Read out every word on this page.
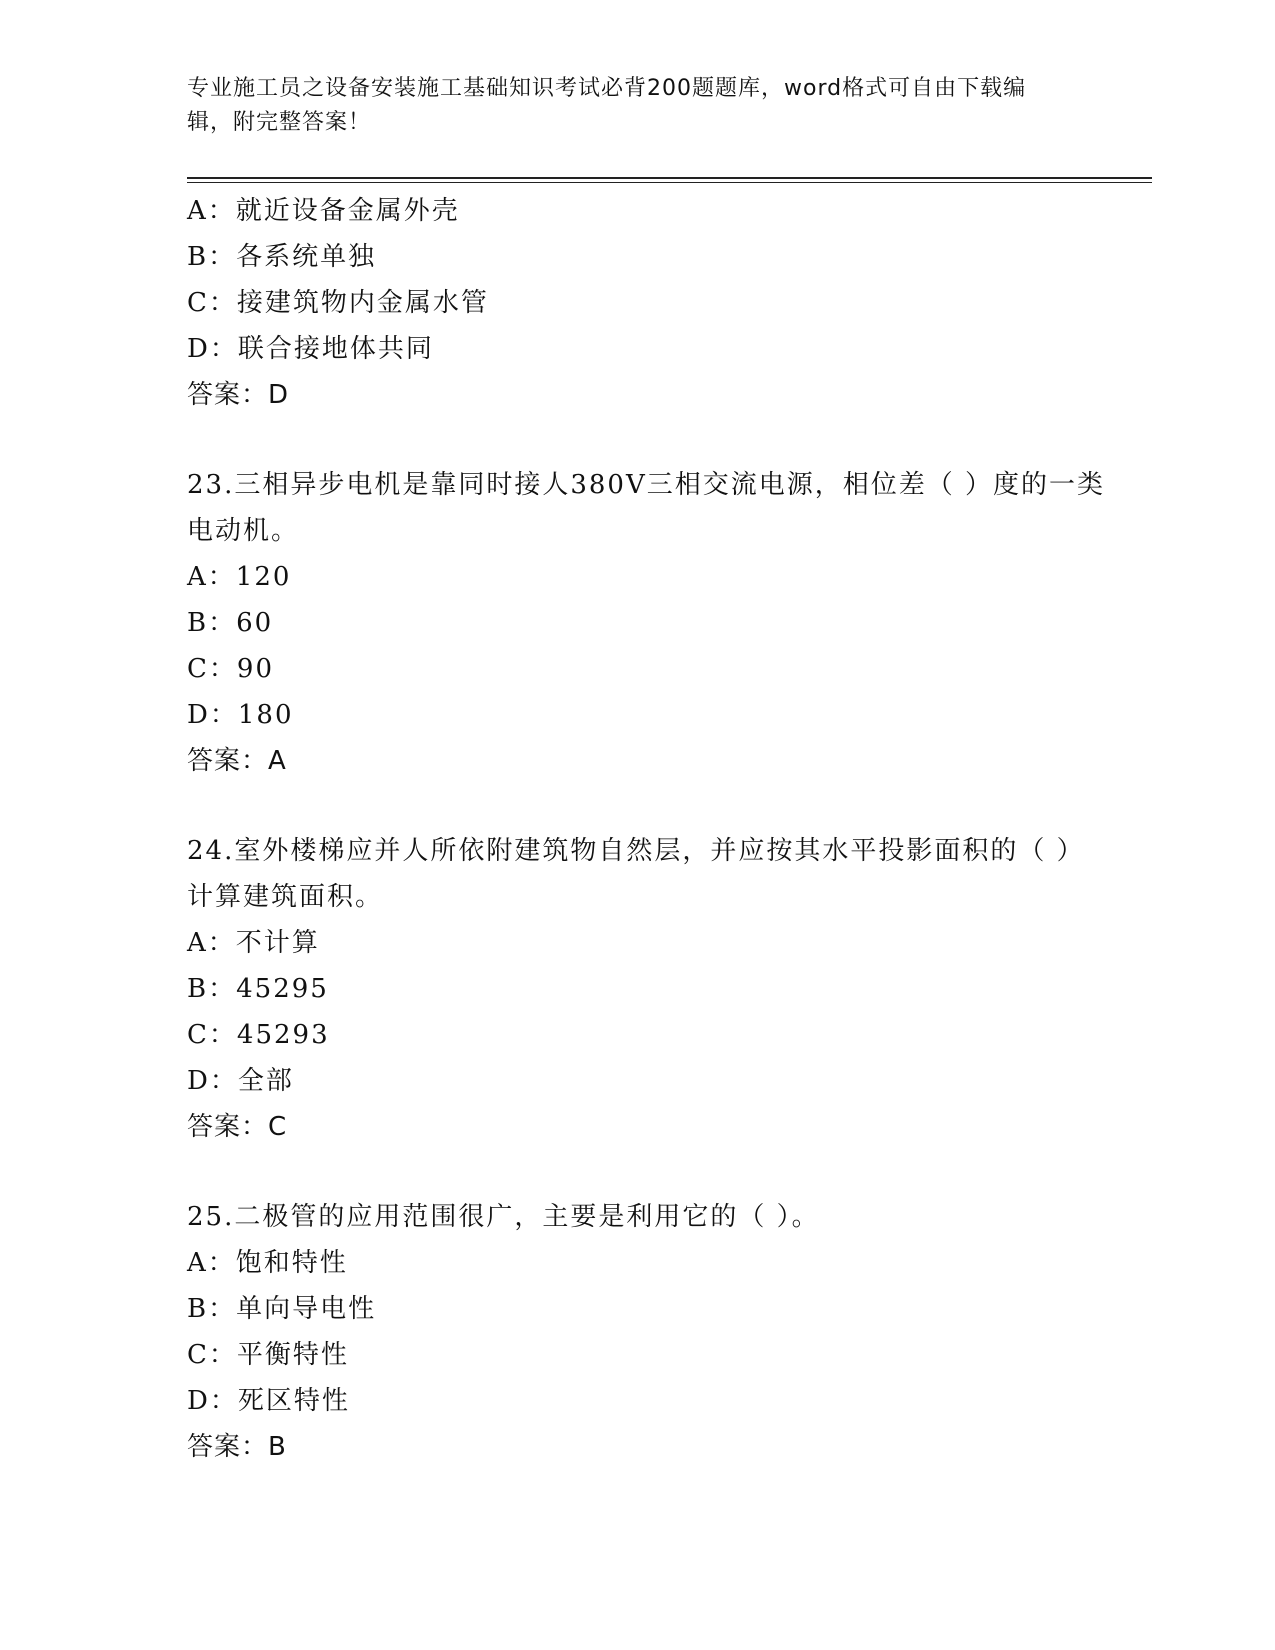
专业施工员之设备安装施工基础知识考试必背200题题库，word格式可自由下载编辑，附完整答案！
A：就近设备金属外壳
B：各系统单独
C：接建筑物内金属水管
D：联合接地体共同
答案：D
23.三相异步电机是靠同时接人380V三相交流电源，相位差（ ）度的一类电动机。
A：120
B：60
C：90
D：180
答案：A
24.室外楼梯应并人所依附建筑物自然层，并应按其水平投影面积的（ ）计算建筑面积。
A：不计算
B：45295
C：45293
D：全部
答案：C
25.二极管的应用范围很广，主要是利用它的（ ）。
A：饱和特性
B：单向导电性
C：平衡特性
D：死区特性
答案：B
